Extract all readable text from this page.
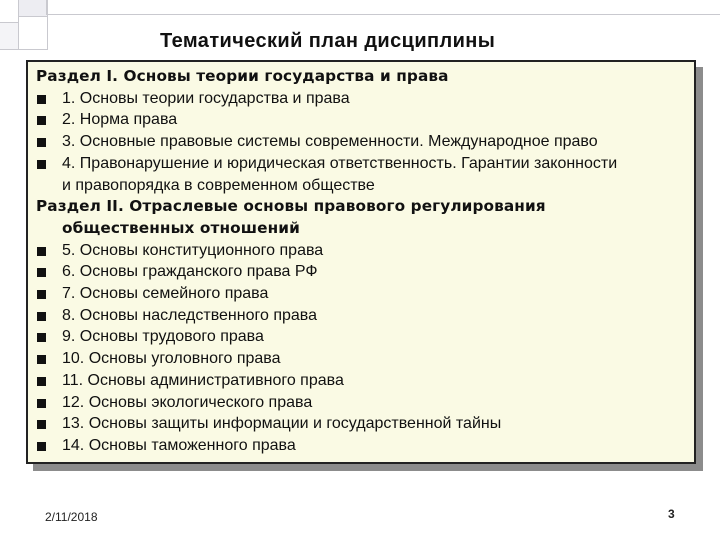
Тематический план дисциплины
Раздел I. Основы теории государства и права
1. Основы теории государства и права
2. Норма права
3. Основные правовые системы современности. Международное право
4. Правонарушение и юридическая ответственность. Гарантии законности
и правопорядка в современном обществе
Раздел II. Отраслевые основы правового регулирования
общественных отношений
5. Основы конституционного права
6. Основы гражданского права РФ
7. Основы семейного права
8. Основы наследственного права
9. Основы трудового права
10. Основы уголовного права
11. Основы административного права
12. Основы экологического права
13. Основы защиты информации и государственной тайны
14. Основы таможенного права
2/11/2018	3
